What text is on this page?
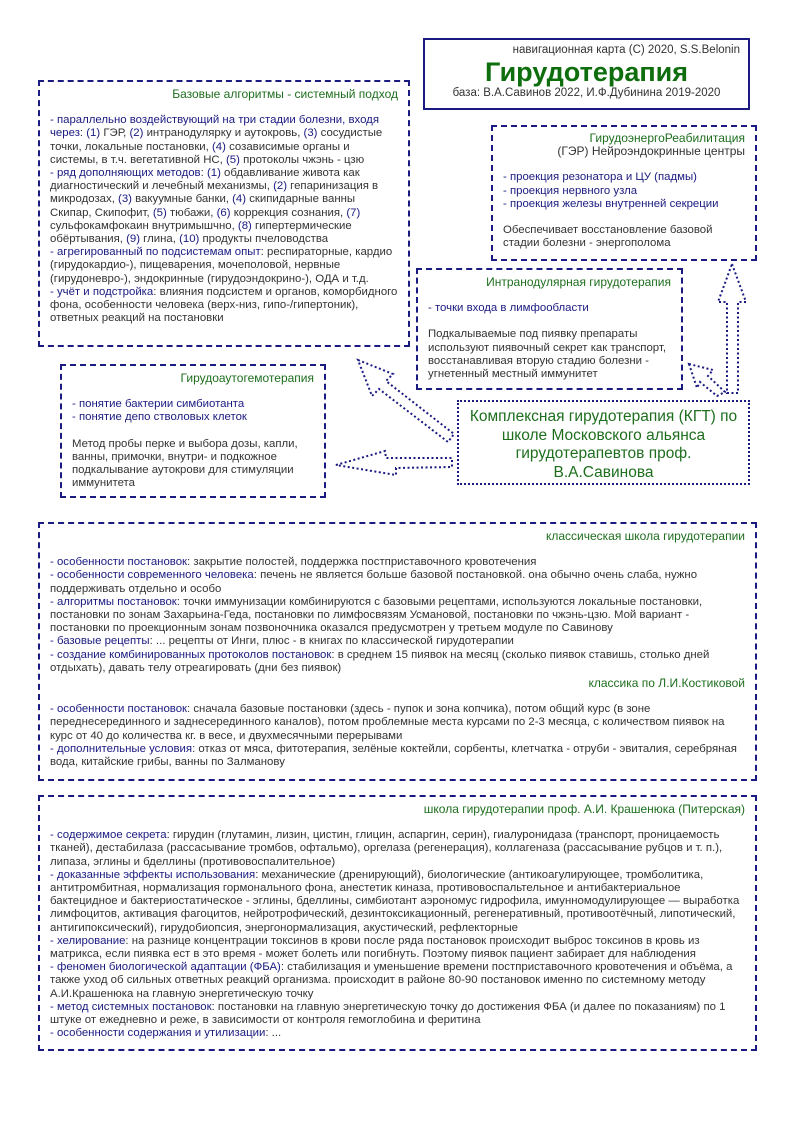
навигационная карта (С) 2020, S.S.Belonin

Гирудотерапия

база: В.А.Савинов 2022, И.Ф.Дубинина 2019-2020

Базовые алгоритмы - системный подход

- параллельно воздействующий на три стадии болезни, входя через: (1) ГЭР, (2) интранодулярку и аутокровь, (3) сосудистые точки, локальные постановки, (4) созависимые органы и системы, в т.ч. вегетативной НС, (5) протоколы чжэнь - цзю

- ряд дополняющих методов: (1) обдавливание живота как диагностический и лечебный механизмы, (2) гепаринизация в микродозах, (3) вакуумные банки, (4) скипидарные ванны Скипар, Скипофит, (5) тюбажи, (6) коррекция сознания, (7) сульфокамфокаин внутримышчно, (8) гипертермические обёртывания, (9) глина, (10) продукты пчеловодства

- агрегированный по подсистемам опыт: респираторные, кардио (гирудокардио-), пищеварения, мочеполовой, нервные (гирудоневро-), эндокринные (гирудоэндокрино-), ОДА и т.д.

- учёт и подстройка: влияния подсистем и органов, коморбидного фона, особенности человека (верх-низ, гипо-/гипертоник), ответных реакций на постановки

ГирудоэнергоРеабилитация

(ГЭР) Нейроэндокринные центры

- проекция резонатора и ЦУ (падмы)

- проекция нервного узла

- проекция железы внутренней секреции

Обеспечивает восстановление базовой стадии болезни - энергополома

Интранодулярная гирудотерапия

- точки входа в лимфообласти

Подкалываемые под пиявку препараты используют пиявочный секрет как транспорт, восстанавливая вторую стадию болезни - угнетенный местный иммунитет

Гирудоаутогемотерапия

- понятие бактерии симбиотанта

- понятие депо стволовых клеток

Метод пробы перке и выбора дозы, капли, ванны, примочки, внутри- и подкожное подкалывание аутокрови для стимуляции иммунитета

Комплексная гирудотерапия (КГТ) по школе Московского альянса гирудотерапевтов проф. В.А.Савинова

классическая школа гирудотерапии

- особенности постановок: закрытие полостей, поддержка постприставочного кровотечения

- особенности современного человека: печень не является больше базовой постановкой. она обычно очень слаба, нужно поддерживать отдельно и особо

- алгоритмы постановок: точки иммунизации комбинируются с базовыми рецептами, используются локальные постановки, постановки по зонам Захарьина-Геда, постановки по лимфосвязям Усмановой, постановки по чжэнь-цзю. Мой вариант - постановки по проекционным зонам позвоночника оказался предусмотрен у третьем модуле по Савинову

- базовые рецепты: ... рецепты от Инги, плюс - в книгах по классической гирудотерапии

- создание комбинированных протоколов постановок: в среднем 15 пиявок на месяц (сколько пиявок ставишь, столько дней отдыхать), давать телу отреагировать (дни без пиявок)

классика по Л.И.Костиковой

- особенности постановок: сначала базовые постановки (здесь - пупок и зона копчика), потом общий курс (в зоне переднесерединного и заднесерединного каналов), потом проблемные места курсами по 2-3 месяца, с количеством пиявок на курс от 40 до количества кг. в весе, и двухмесячными перерывами

- дополнительные условия: отказ от мяса, фитотерапия, зелёные коктейли, сорбенты, клетчатка - отруби - эвиталия, серебряная вода, китайские грибы, ванны по Залманову

школа гирудотерапии проф. А.И. Крашенюка (Питерская)

- содержимое секрета: гирудин (глутамин, лизин, цистин, глицин, аспаргин, серин), гиалуронидаза (транспорт, проницаемость тканей), дестабилаза (рассасывание тромбов, офтальмо), оргелаза (регенерация), коллагеназа (рассасывание рубцов и т. п.), липаза, эглины и бделлины (противовоспалительное)

- доказанные эффекты использования: механические (дренирующий), биологические (антикоагулирующее, тромболитика, антитромбитная, нормализация гормонального фона, анестетик киназа, противовоспальтельное и антибактериальное бактецидное и бактериостатическое - эглины, бделлины, симбиотант аэрономус гидрофила, имунномодулирующее — выработка лимфоцитов, активация фагоцитов, нейротрофический, дезинтоксикационный, регенеративный, противоотёчный, липотический, антигипоксический), гирудобиопсия, энергонормализация, акустический, рефлекторные

- хелирование: на разнице концентрации токсинов в крови после ряда постановок происходит выброс токсинов в кровь из матрикса, если пиявка ест в это время - может болеть или погибнуть. Поэтому пиявок пациент забирает для наблюдения

- феномен биологической адаптации (ФБА): стабилизация и уменьшение времени постприставочного кровотечения и объёма, а также уход об сильных ответных реакций организма. происходит в районе 80-90 постановок именно по системному методу А.И.Крашенюка на главную энергетическую точку

- метод системных постановок: постановки на главную энергетическую точку до достижения ФБА (и далее по показаниям) по 1 штуке от ежедневно и реже, в зависимости от контроля гемоглобина и феритина

- особенности содержания и утилизации: ...
